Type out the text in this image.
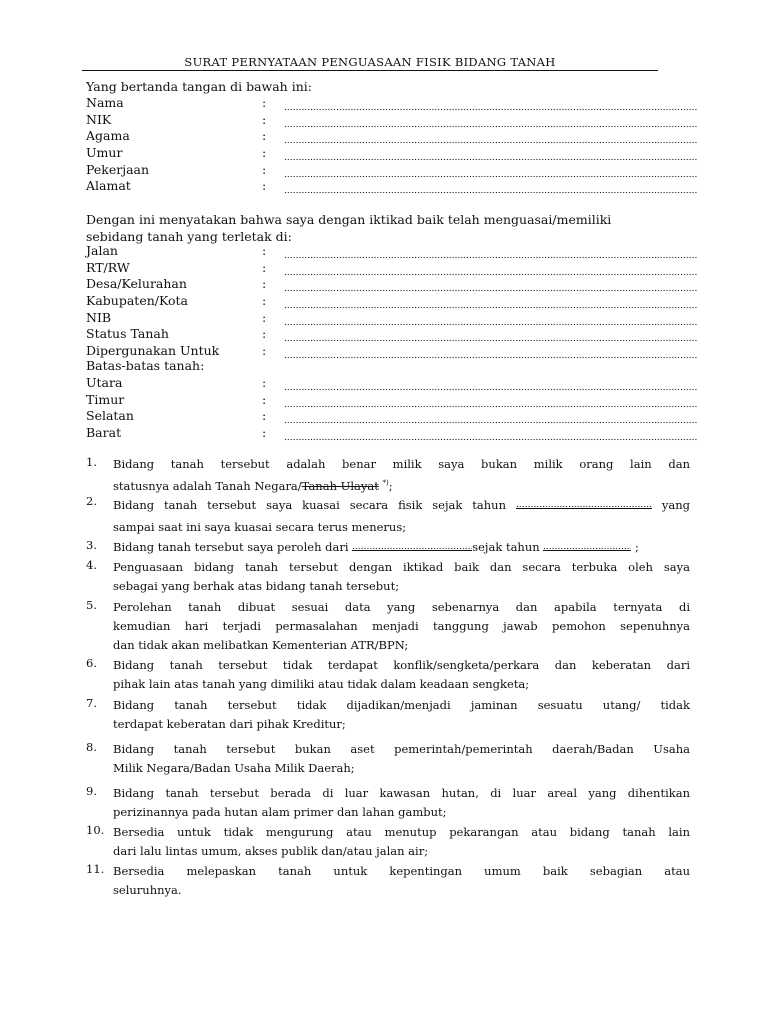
SURAT PERNYATAAN PENGUASAAN FISIK BIDANG TANAH
Yang bertanda tangan di bawah ini:
Nama	:
NIK	:
Agama	:
Umur	:
Pekerjaan	:
Alamat	:
Dengan ini menyatakan bahwa saya dengan iktikad baik telah menguasai/memiliki
sebidang tanah yang terletak di:
Jalan	:
RT/RW	:
Desa/Kelurahan	:
Kabupaten/Kota	:
NIB	:
Status Tanah	:
Dipergunakan Untuk	:
Batas-batas tanah:
Utara	:
Timur	:
Selatan	:
Barat	:
1.	Bidang tanah tersebut adalah benar milik saya bukan milik orang lain dan
statusnya adalah Tanah Negara/Tanah Ulayat *);
2.	Bidang tanah tersebut saya kuasai secara fisik sejak tahun	yang
sampai saat ini saya kuasai secara terus menerus;
3.	Bidang tanah tersebut saya peroleh dari	sejak tahun	;
4.	Penguasaan bidang tanah tersebut dengan iktikad baik dan secara terbuka oleh saya
sebagai yang berhak atas bidang tanah tersebut;
5.	Perolehan tanah dibuat sesuai data yang sebenarnya dan apabila ternyata di
kemudian hari terjadi permasalahan menjadi tanggung jawab pemohon sepenuhnya
dan tidak akan melibatkan Kementerian ATR/BPN;
6.	Bidang tanah tersebut tidak terdapat konflik/sengketa/perkara dan keberatan dari
pihak lain atas tanah yang dimiliki atau tidak dalam keadaan sengketa;
7.	Bidang tanah tersebut tidak dijadikan/menjadi jaminan sesuatu utang/ tidak
terdapat keberatan dari pihak Kreditur;
8.	Bidang tanah tersebut bukan aset pemerintah/pemerintah daerah/Badan Usaha
Milik Negara/Badan Usaha Milik Daerah;
9.	Bidang tanah tersebut berada di luar kawasan hutan, di luar areal yang dihentikan
perizinannya pada hutan alam primer dan lahan gambut;
10. Bersedia untuk tidak mengurung atau menutup pekarangan atau bidang tanah lain
dari lalu lintas umum, akses publik dan/atau jalan air;
11. Bersedia melepaskan tanah untuk kepentingan umum baik sebagian atau
seluruhnya.
